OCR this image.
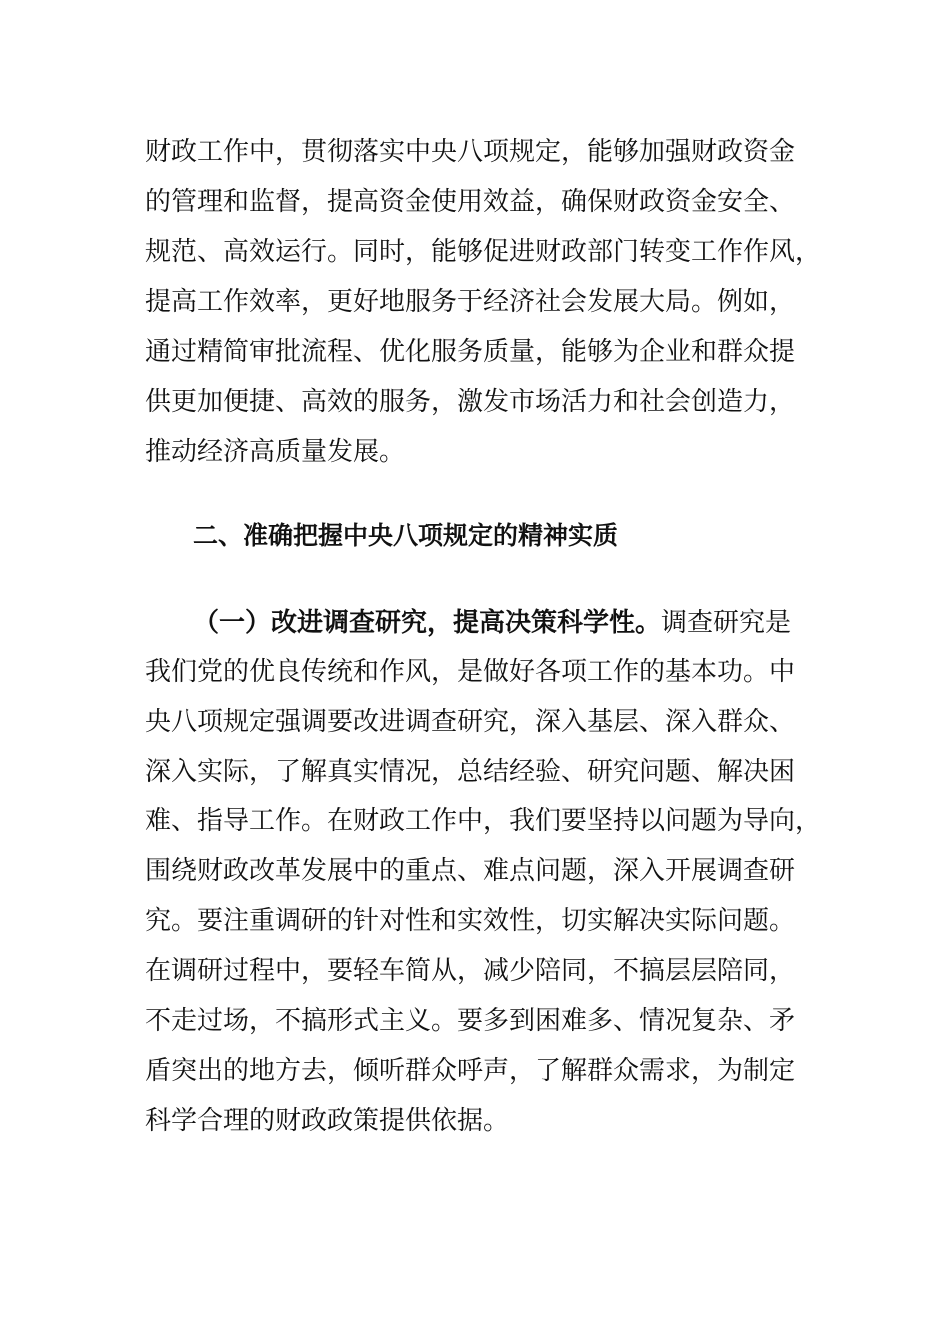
财政工作中，贯彻落实中央八项规定，能够加强财政资金
的管理和监督，提高资金使用效益，确保财政资金安全、
规范、高效运行。同时，能够促进财政部门转变工作作风，
提高工作效率，更好地服务于经济社会发展大局。例如，
通过精简审批流程、优化服务质量，能够为企业和群众提
供更加便捷、高效的服务，激发市场活力和社会创造力，
推动经济高质量发展。
二、准确把握中央八项规定的精神实质
（一）改进调查研究，提高决策科学性。调查研究是
我们党的优良传统和作风，是做好各项工作的基本功。中
央八项规定强调要改进调查研究，深入基层、深入群众、
深入实际，了解真实情况，总结经验、研究问题、解决困
难、指导工作。在财政工作中，我们要坚持以问题为导向，
围绕财政改革发展中的重点、难点问题，深入开展调查研
究。要注重调研的针对性和实效性，切实解决实际问题。
在调研过程中，要轻车简从，减少陪同，不搞层层陪同，
不走过场，不搞形式主义。要多到困难多、情况复杂、矛
盾突出的地方去，倾听群众呼声，了解群众需求，为制定
科学合理的财政政策提供依据。
